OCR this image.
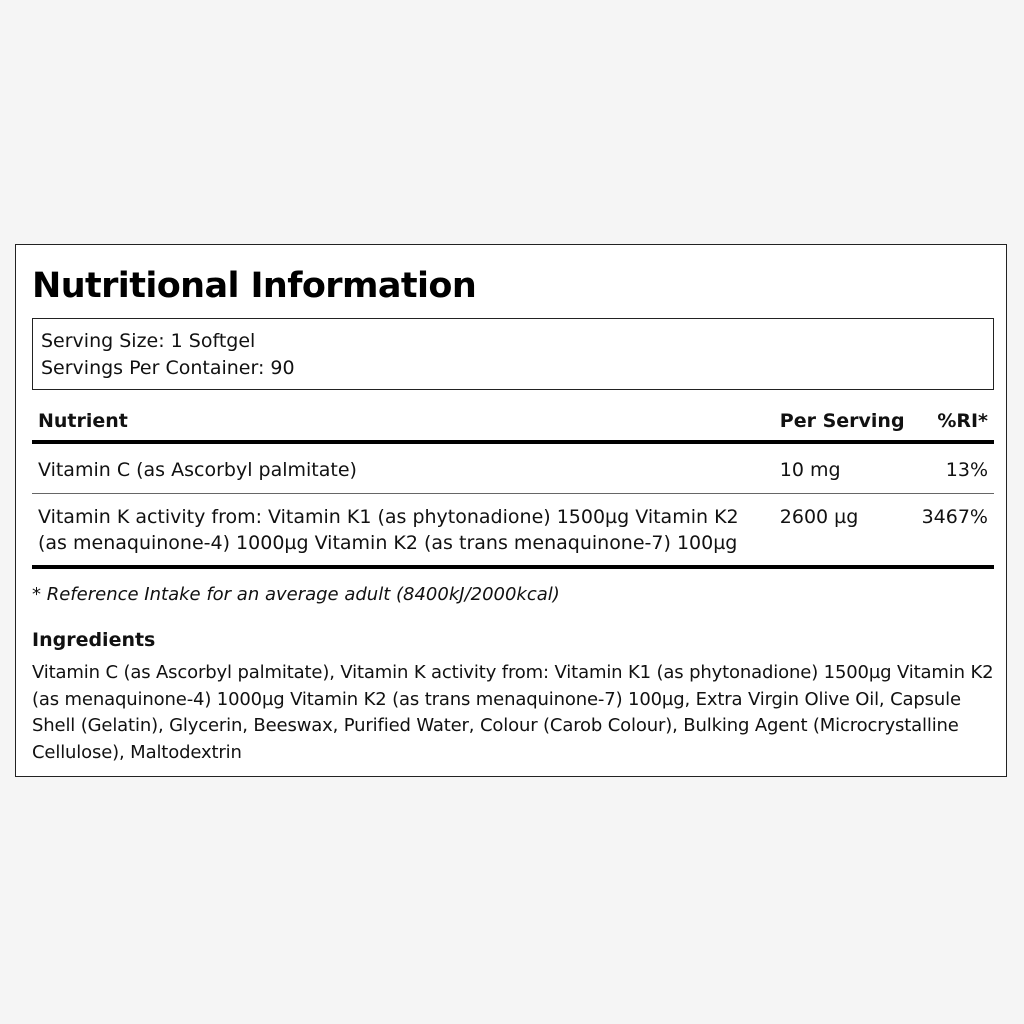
Nutritional Information
Serving Size: 1 Softgel
Servings Per Container: 90
Nutrient	Per Serving	%RI*
Vitamin C (as Ascorbyl palmitate)	10 mg	13%
Vitamin K activity from: Vitamin K1 (as phytonadione) 1500µg Vitamin K2 (as menaquinone-4) 1000µg Vitamin K2 (as trans menaquinone-7) 100µg	2600 µg	3467%
* Reference Intake for an average adult (8400kJ/2000kcal)
Ingredients
Vitamin C (as Ascorbyl palmitate), Vitamin K activity from: Vitamin K1 (as phytonadione) 1500µg Vitamin K2 (as menaquinone-4) 1000µg Vitamin K2 (as trans menaquinone-7) 100µg, Extra Virgin Olive Oil, Capsule Shell (Gelatin), Glycerin, Beeswax, Purified Water, Colour (Carob Colour), Bulking Agent (Microcrystalline Cellulose), Maltodextrin
